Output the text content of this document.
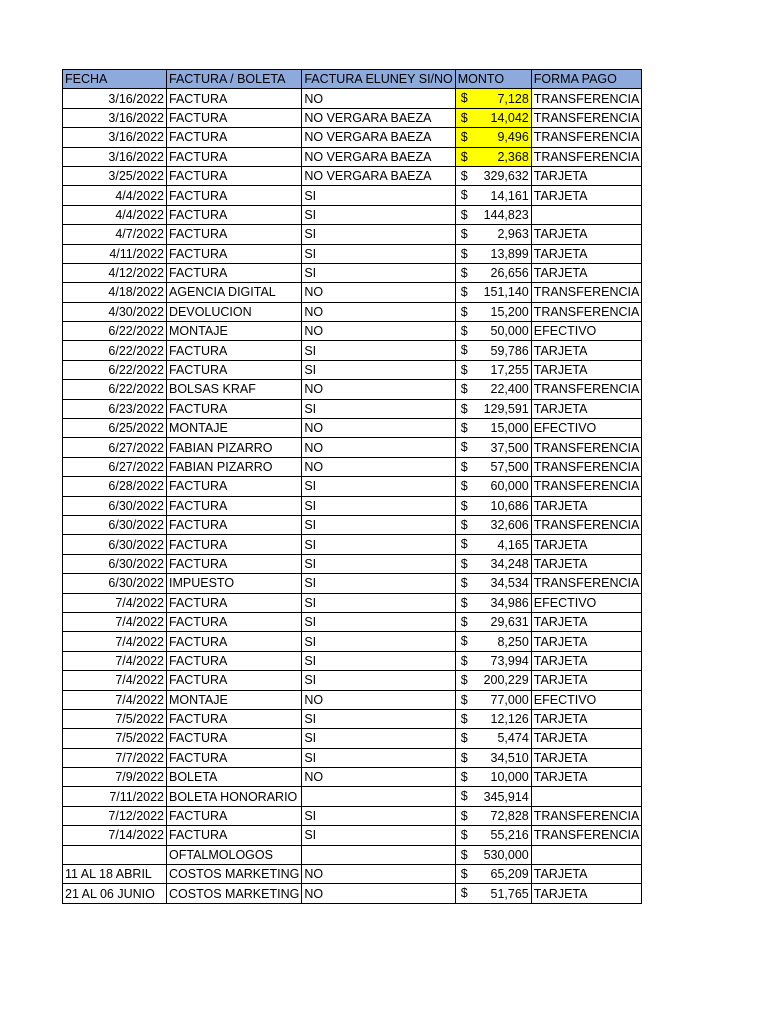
FECHA	FACTURA / BOLETA	FACTURA ELUNEY SI/NO	MONTO	FORMA PAGO
3/16/2022	FACTURA	NO	$ 7,128	TRANSFERENCIA
3/16/2022	FACTURA	NO VERGARA BAEZA	$ 14,042	TRANSFERENCIA
3/16/2022	FACTURA	NO VERGARA BAEZA	$ 9,496	TRANSFERENCIA
3/16/2022	FACTURA	NO VERGARA BAEZA	$ 2,368	TRANSFERENCIA
3/25/2022	FACTURA	NO VERGARA BAEZA	$ 329,632	TARJETA
4/4/2022	FACTURA	SI	$ 14,161	TARJETA
4/4/2022	FACTURA	SI	$ 144,823	
4/7/2022	FACTURA	SI	$ 2,963	TARJETA
4/11/2022	FACTURA	SI	$ 13,899	TARJETA
4/12/2022	FACTURA	SI	$ 26,656	TARJETA
4/18/2022	AGENCIA DIGITAL	NO	$ 151,140	TRANSFERENCIA
4/30/2022	DEVOLUCION	NO	$ 15,200	TRANSFERENCIA
6/22/2022	MONTAJE	NO	$ 50,000	EFECTIVO
6/22/2022	FACTURA	SI	$ 59,786	TARJETA
6/22/2022	FACTURA	SI	$ 17,255	TARJETA
6/22/2022	BOLSAS KRAF	NO	$ 22,400	TRANSFERENCIA
6/23/2022	FACTURA	SI	$ 129,591	TARJETA
6/25/2022	MONTAJE	NO	$ 15,000	EFECTIVO
6/27/2022	FABIAN PIZARRO	NO	$ 37,500	TRANSFERENCIA
6/27/2022	FABIAN PIZARRO	NO	$ 57,500	TRANSFERENCIA
6/28/2022	FACTURA	SI	$ 60,000	TRANSFERENCIA
6/30/2022	FACTURA	SI	$ 10,686	TARJETA
6/30/2022	FACTURA	SI	$ 32,606	TRANSFERENCIA
6/30/2022	FACTURA	SI	$ 4,165	TARJETA
6/30/2022	FACTURA	SI	$ 34,248	TARJETA
6/30/2022	IMPUESTO	SI	$ 34,534	TRANSFERENCIA
7/4/2022	FACTURA	SI	$ 34,986	EFECTIVO
7/4/2022	FACTURA	SI	$ 29,631	TARJETA
7/4/2022	FACTURA	SI	$ 8,250	TARJETA
7/4/2022	FACTURA	SI	$ 73,994	TARJETA
7/4/2022	FACTURA	SI	$ 200,229	TARJETA
7/4/2022	MONTAJE	NO	$ 77,000	EFECTIVO
7/5/2022	FACTURA	SI	$ 12,126	TARJETA
7/5/2022	FACTURA	SI	$ 5,474	TARJETA
7/7/2022	FACTURA	SI	$ 34,510	TARJETA
7/9/2022	BOLETA	NO	$ 10,000	TARJETA
7/11/2022	BOLETA HONORARIO		$ 345,914	
7/12/2022	FACTURA	SI	$ 72,828	TRANSFERENCIA
7/14/2022	FACTURA	SI	$ 55,216	TRANSFERENCIA
	OFTALMOLOGOS		$ 530,000	
11 AL 18 ABRIL	COSTOS MARKETING	NO	$ 65,209	TARJETA
21 AL 06 JUNIO	COSTOS MARKETING	NO	$ 51,765	TARJETA
